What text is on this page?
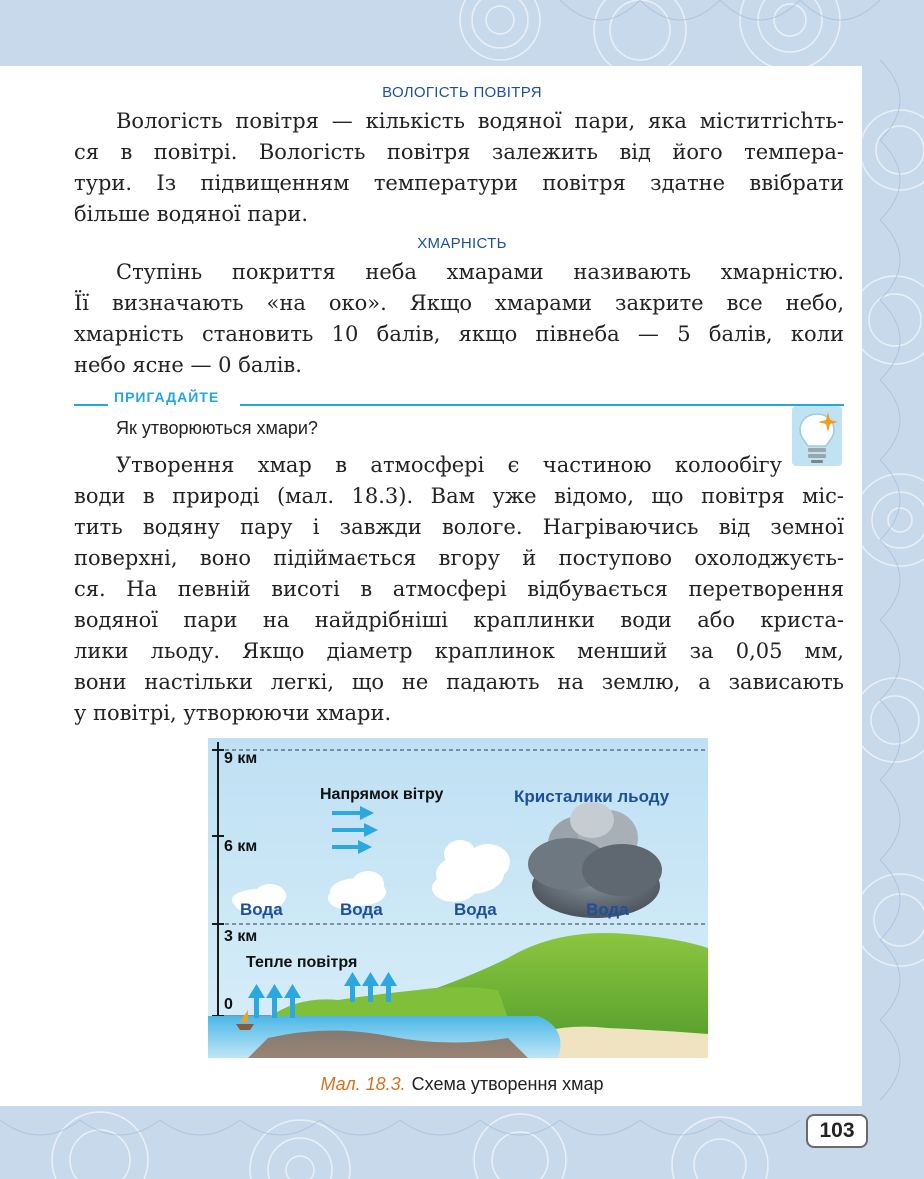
ВОЛОГІСТЬ ПОВІТРЯ

Вологість повітря — кількість водяної пари, яка міститrichть-
ся в повітрі. Вологість повітря залежить від його темпера-
тури. Із підвищенням температури повітря здатне ввібрати
більше водяної пари.

ХМАРНІСТЬ

Ступінь покриття неба хмарами називають хмарністю.
Її визначають «на око». Якщо хмарами закрите все небо,
хмарність становить 10 балів, якщо півнеба — 5 балів, коли
небо ясне — 0 балів.

ПРИГАДАЙТЕ
Як утворюються хмари?

Утворення хмар в атмосфері є частиною колообігу
води в природі (мал. 18.3). Вам уже відомо, що повітря міс-
тить водяну пару і завжди вологе. Нагріваючись від земної
поверхні, воно підіймається вгору й поступово охолоджуєть-
ся. На певній висоті в атмосфері відбувається перетворення
водяної пари на найдрібніші краплинки води або криста-
лики льоду. Якщо діаметр краплинок менший за 0,05 мм,
вони настільки легкі, що не падають на землю, а зависають
у повітрі, утворюючи хмари.

9 км
6 км
3 км
0
Напрямок вітру	Кристалики льоду
Вода	Вода	Вода	Вода
Тепле повітря
Мал. 18.3. Схема утворення хмар
103
